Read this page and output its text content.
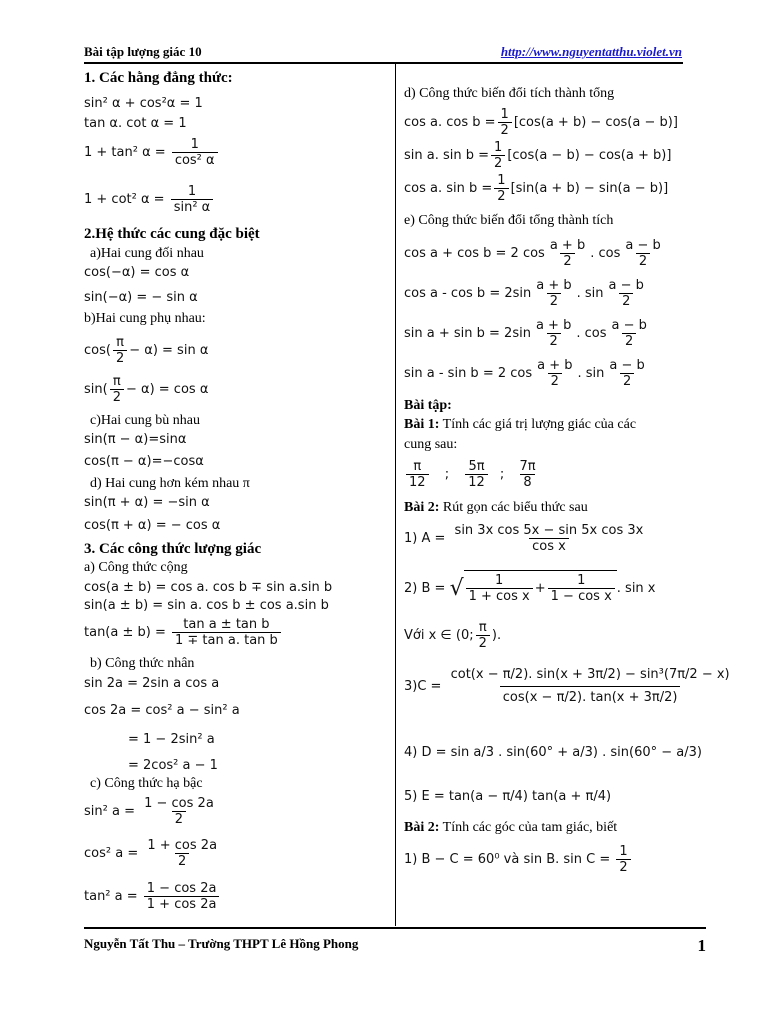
Bài tập lượng giác 10	http://www.nguyentatthu.violet.vn
1. Các hằng đẳng thức:
sin² α + cos²α = 1
tan α. cot α = 1
1 + tan² $\alpha = \frac{1}{\text{cos² α}}$
1 + cot² $\alpha = \frac{1}{\text{sin² α}}$
2.Hệ thức các cung đặc biệt
a)Hai cung đối nhau
cos(−α) = cos α
sin(−α) = − sin α
b)Hai cung phụ nhau:
$\cos( \frac{\pi}{2} - \alpha) = \sin \alpha$
$\sin( \frac{\pi}{2} - \alpha) = \cos \alpha$
c)Hai cung bù nhau
sin(π − α)=sinα
cos(π − α)=−cosα
d) Hai cung hơn kém nhau π
sin(π + α) = −sin α
cos(π + α) = − cos α
3. Các công thức lượng giác
a) Công thức cộng
cos(a ± b) = cos a. cos b ∓ sin a.sin b
sin(a ± b) = sin a. cos b ± cos a.sin b
$\tan(a \pm b) = \frac{\text{tan a ± tan b}}{\text{1 ∓ tan a. tan b}}$
b) Công thức nhân
sin 2a = 2sin a cos a
cos 2a = cos² a − sin² a
= 1 − 2sin² a
= 2cos² a − 1
c) Công thức hạ bậc
sin² $a = \frac{1 - \cos 2a}{2}$
cos² $a = \frac{1 + \cos 2a}{2}$
tan² $a = \frac{1 - \cos 2a}{1 + \cos 2a}$
d) Công thức biến đổi tích thành tổng
cos a. $\cos b = \frac{1}{2} [\cos(a + b) - \cos(a - b)]$
sin a. $\sin b = \frac{1}{2} [\cos(a - b) - \cos(a + b)]$
cos a. $\sin b = \frac{1}{2} [\sin(a + b) - \sin(a - b)]$
e) Công thức biến đổi tổng thành tích
cos a + cos b = 2 $\cos \frac{a + b}{2}$ . $\cos \frac{a - b}{2}$
$\cos a - \cos b = 2\sin \frac{a + b}{2}$ . $\sin \frac{a - b}{2}$
$\sin a + \sin b = 2\sin \frac{a + b}{2}$ . $\cos \frac{a - b}{2}$
sin a - sin b = 2 $\cos \frac{a + b}{2}$ . $\sin \frac{a - b}{2}$
Bài tập:
Bài 1: Tính các giá trị lượng giác của các
cung sau:
$\frac{\pi}{12}$ ; $\frac{5\pi}{12}$ ; $\frac{7\pi}{8}$
Bài 2: Rút gọn các biểu thức sau
1) $A = \frac{\text{sin 3x cos 5x − sin 5x cos 3x}}{\text{cos x}}$
2) B = √ $\frac{1}{\text{1 + cos x}} + \frac{1}{\text{1 − cos x}}$ . sin x
Với x ∈ (0; $\frac{\pi}{2}$ ).
$3)C = \frac{\text{cot(x − π/2). sin(x + 3π/2) − sin³(7π/2 − x)}}{\cos(x - \pi/2). \tan(x + 3\pi/2)}$
4) D = sin a/3 . sin(60° + a/3) . sin(60° − a/3)
5) E = tan(a − π/4) tan(a + π/4)
Bài 2: Tính các góc của tam giác, biết
1) B − C = 60⁰ và sin B. $\sin C = \frac{1}{2}$
Nguyễn Tất Thu – Trường THPT Lê Hồng Phong	1
